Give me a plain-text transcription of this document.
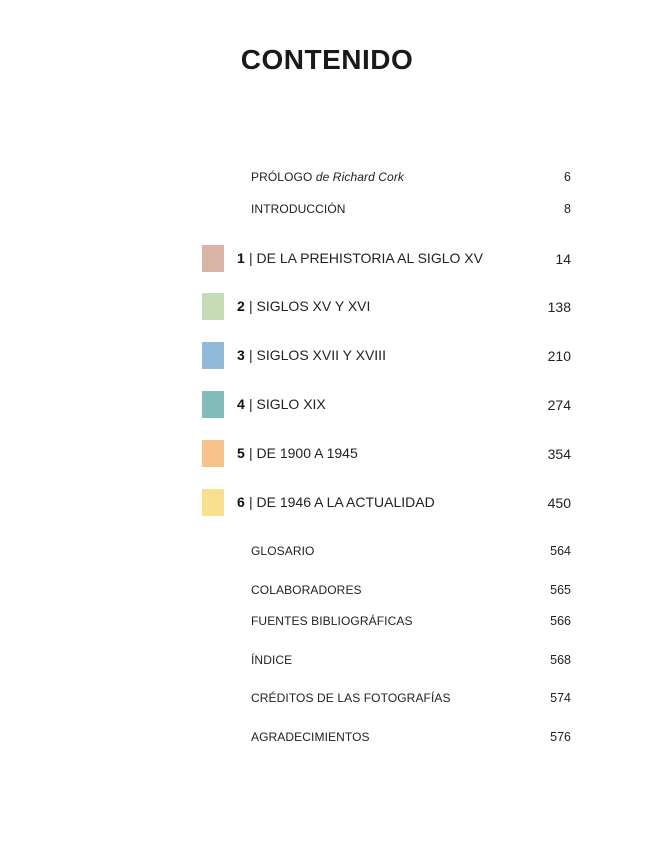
CONTENIDO
PRÓLOGO de Richard Cork	6
INTRODUCCIÓN	8
1 | DE LA PREHISTORIA AL SIGLO XV	14
2 | SIGLOS XV Y XVI	138
3 | SIGLOS XVII Y XVIII	210
4 | SIGLO XIX	274
5 | DE 1900 A 1945	354
6 | DE 1946 A LA ACTUALIDAD	450
GLOSARIO	564
COLABORADORES	565
FUENTES BIBLIOGRÁFICAS	566
ÍNDICE	568
CRÉDITOS DE LAS FOTOGRAFÍAS	574
AGRADECIMIENTOS	576
